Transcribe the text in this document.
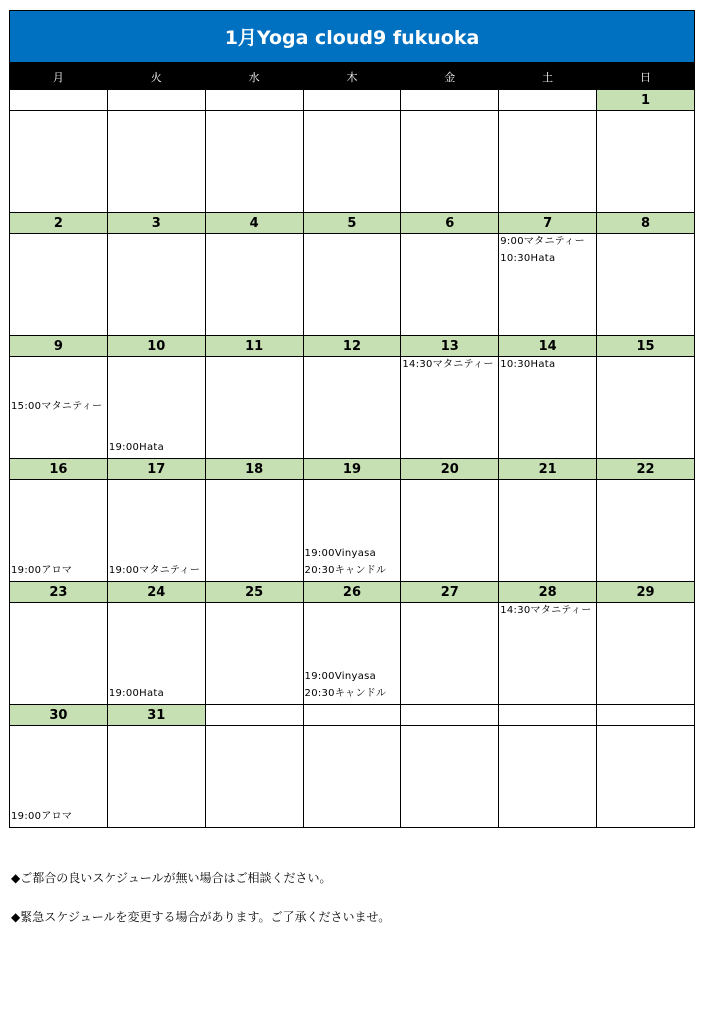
1月Yoga cloud9 fukuoka
月	火	水	木	金	土	日
						1

2	3	4	5	6	7	8

					9:00マタニティー
10:30Hata	

9	10	11	12	13	14	15

15:00マタニティー	19:00Hata			14:30マタニティー	10:30Hata	

16	17	18	19	20	21	22

19:00アロマ	19:00マタニティー		19:00Vinyasa
20:30キャンドル			

23	24	25	26	27	28	29

	19:00Hata		19:00Vinyasa
20:30キャンドル		14:30マタニティー	

30	31					

19:00アロマ						

◆ご都合の良いスケジュールが無い場合はご相談ください。
◆緊急スケジュールを変更する場合があります。ご了承くださいませ。
